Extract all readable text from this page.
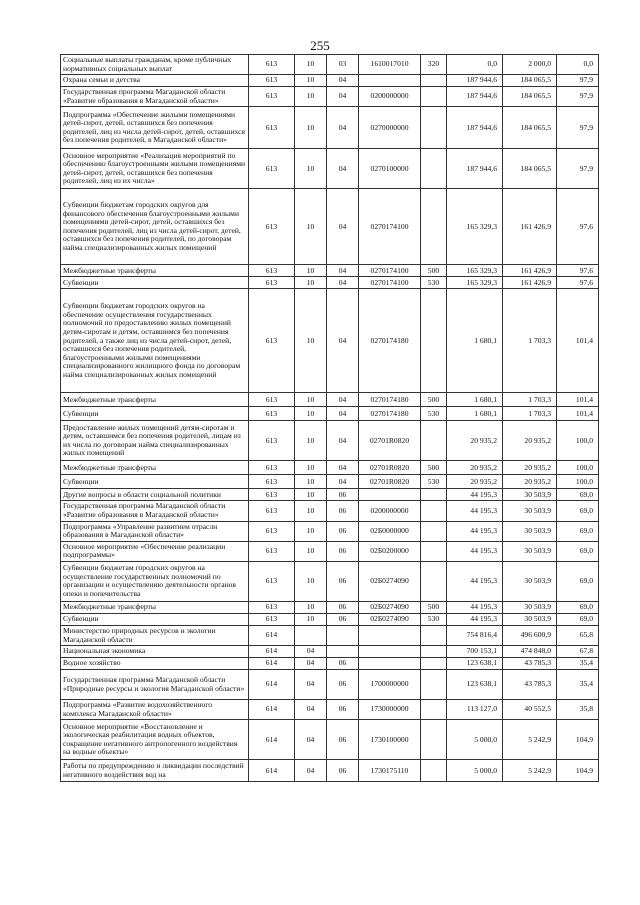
255
Социальные выплаты гражданам, кроме публичных нормативных социальных выплат	613	10	03	1610017010	320	0,0	2 000,0	0,0
Охрана семьи и детства	613	10	04			187 944,6	184 065,5	97,9
Государственная программа Магаданской области «Развитие образования в Магаданской области»	613	10	04	0200000000		187 944,6	184 065,5	97,9
Подпрограмма «Обеспечение жилыми помещениями детей-сирот, детей, оставшихся без попечения родителей, лиц из числа детей-сирот, детей, оставшихся без попечения родителей, в Магаданской области»	613	10	04	0270000000		187 944,6	184 065,5	97,9
Основное мероприятие «Реализация мероприятий по обеспечению благоустроенными жилыми помещениями детей-сирот, детей, оставшихся без попечения родителей, лиц из их числа»	613	10	04	0270100000		187 944,6	184 065,5	97,9
Субвенции бюджетам городских округов для финансового обеспечения благоустроенными жилыми помещениями детей-сирот, детей, оставшихся без попечения родителей, лиц из числа детей-сирот, детей, оставшихся без попечения родителей, по договорам найма специализированных жилых помещений	613	10	04	0270174100		165 329,3	161 426,9	97,6
Межбюджетные трансферты	613	10	04	0270174100	500	165 329,3	161 426,9	97,6
Субвенции	613	10	04	0270174100	530	165 329,3	161 426,9	97,6
Субвенции бюджетам городских округов на обеспечение осуществления государственных полномочий по предоставлению жилых помещений детям-сиротам и детям, оставшимся без попечения родителей, а также лиц из числа детей-сирот, детей, оставшихся без попечения родителей, благоустроенными жилыми помещениями специализированного жилищного фонда по договорам найма специализированных жилых помещений	613	10	04	0270174180		1 680,1	1 703,3	101,4
Межбюджетные трансферты	613	10	04	0270174180	500	1 680,1	1 703,3	101,4
Субвенции	613	10	04	0270174180	530	1 680,1	1 703,3	101,4
Предоставление жилых помещений детям-сиротам и детям, оставшимся без попечения родителей, лицам из их числа по договорам найма специализированных жилых помещений	613	10	04	02701R0820		20 935,2	20 935,2	100,0
Межбюджетные трансферты	613	10	04	02701R0820	500	20 935,2	20 935,2	100,0
Субвенции	613	10	04	02701R0820	530	20 935,2	20 935,2	100,0
Другие вопросы в области социальной политики	613	10	06			44 195,3	30 503,9	69,0
Государственная программа Магаданской области «Развитие образования в Магаданской области»	613	10	06	0200000000		44 195,3	30 503,9	69,0
Подпрограмма «Управление развитием отрасли образования в Магаданской области»	613	10	06	02Б0000000		44 195,3	30 503,9	69,0
Основное мероприятие «Обеспечение реализации подпрограммы»	613	10	06	02Б0200000		44 195,3	30 503,9	69,0
Субвенции бюджетам городских округов на осуществление государственных полномочий по организации и осуществлению деятельности органов опеки и попечительства	613	10	06	02Б0274090		44 195,3	30 503,9	69,0
Межбюджетные трансферты	613	10	06	02Б0274090	500	44 195,3	30 503,9	69,0
Субвенции	613	10	06	02Б0274090	530	44 195,3	30 503,9	69,0
Министерство природных ресурсов и экологии Магаданской области	614					754 816,4	496 600,9	65,8
Национальная экономика	614	04				700 153,1	474 848,0	67,8
Водное хозяйство	614	04	06			123 638,1	43 785,3	35,4
Государственная программа Магаданской области «Природные ресурсы и экология Магаданской области»	614	04	06	1700000000		123 638,1	43 785,3	35,4
Подпрограмма «Развитие водохозяйственного комплекса Магаданской области»	614	04	06	1730000000		113 127,0	40 552,5	35,8
Основное мероприятие «Восстановление и экологическая реабилитация водных объектов, сокращение негативного антропогенного воздействия на водные объекты»	614	04	06	1730100000		5 000,0	5 242,9	104,9
Работы по предупреждению и ликвидации последствий негативного воздействия вод на	614	04	06	1730175110		5 000,0	5 242,9	104,9
